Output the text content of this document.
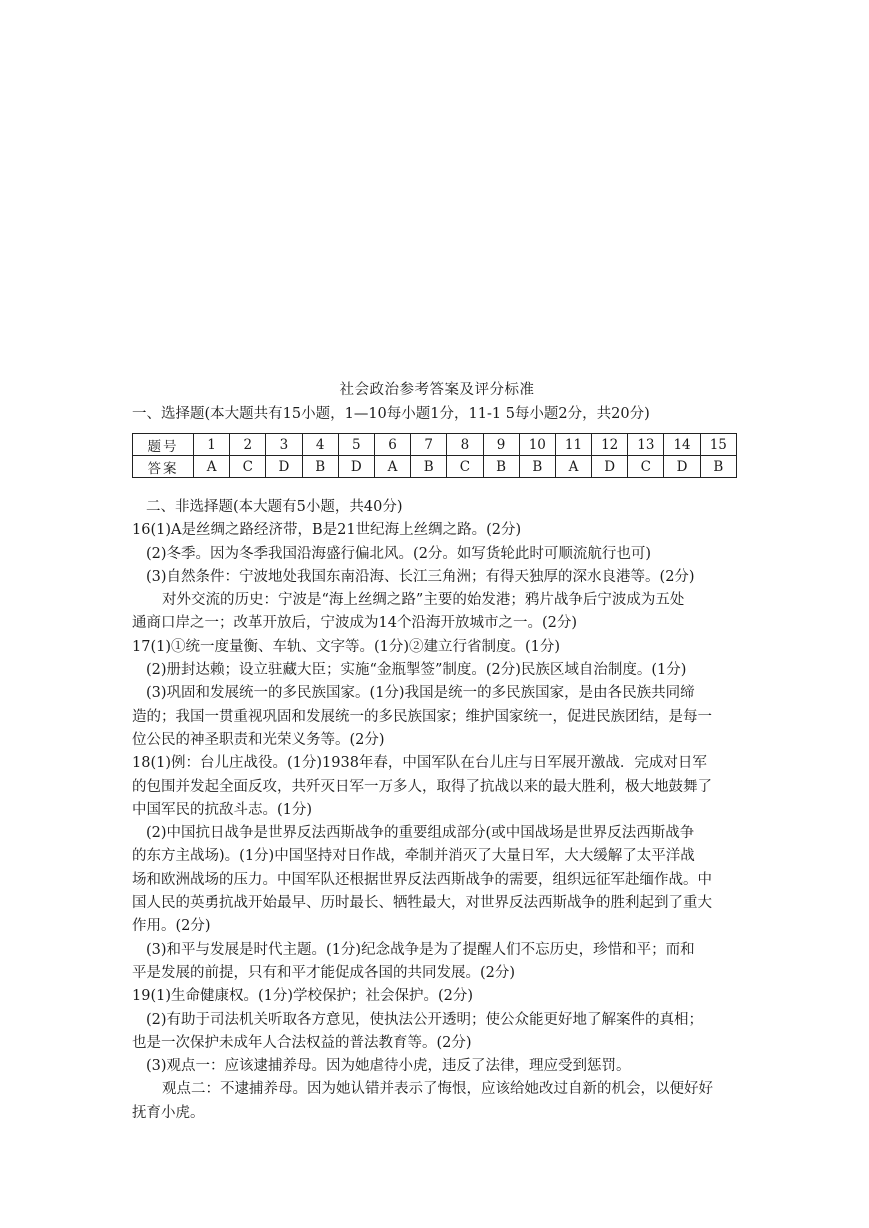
社会政治参考答案及评分标准
一、选择题(本大题共有15小题，1—10每小题1分，11-1 5每小题2分，共20分)
题号	1	2	3	4	5	6	7	8	9	10	11	12	13	14	15
答案	A	C	D	B	D	A	B	C	B	B	A	D	C	D	B
二、非选择题(本大题有5小题，共40分)
16(1)A是丝绸之路经济带，B是21世纪海上丝绸之路。(2分)
(2)冬季。因为冬季我国沿海盛行偏北风。(2分。如写货轮此时可顺流航行也可)
(3)自然条件：宁波地处我国东南沿海、长江三角洲；有得天独厚的深水良港等。(2分)
对外交流的历史：宁波是“海上丝绸之路”主要的始发港；鸦片战争后宁波成为五处
通商口岸之一；改革开放后，宁波成为14个沿海开放城市之一。(2分)
17(1)①统一度量衡、车轨、文字等。(1分)②建立行省制度。(1分)
(2)册封达赖；设立驻藏大臣；实施“金瓶掣签”制度。(2分)民族区域自治制度。(1分)
(3)巩固和发展统一的多民族国家。(1分)我国是统一的多民族国家，是由各民族共同缔
造的；我国一贯重视巩固和发展统一的多民族国家；维护国家统一，促进民族团结，是每一
位公民的神圣职责和光荣义务等。(2分)
18(1)例：台儿庄战役。(1分)1938年春，中国军队在台儿庄与日军展开激战．完成对日军
的包围并发起全面反攻，共歼灭日军一万多人，取得了抗战以来的最大胜利，极大地鼓舞了
中国军民的抗敌斗志。(1分)
(2)中国抗日战争是世界反法西斯战争的重要组成部分(或中国战场是世界反法西斯战争
的东方主战场)。(1分)中国坚持对日作战，牵制并消灭了大量日军，大大缓解了太平洋战
场和欧洲战场的压力。中国军队还根据世界反法西斯战争的需要，组织远征军赴缅作战。中
国人民的英勇抗战开始最早、历时最长、牺牲最大，对世界反法西斯战争的胜利起到了重大
作用。(2分)
(3)和平与发展是时代主题。(1分)纪念战争是为了提醒人们不忘历史，珍惜和平；而和
平是发展的前提，只有和平才能促成各国的共同发展。(2分)
19(1)生命健康权。(1分)学校保护；社会保护。(2分)
(2)有助于司法机关听取各方意见，使执法公开透明；使公众能更好地了解案件的真相；
也是一次保护未成年人合法权益的普法教育等。(2分)
(3)观点一：应该逮捕养母。因为她虐待小虎，违反了法律，理应受到惩罚。
观点二：不逮捕养母。因为她认错并表示了悔恨，应该给她改过自新的机会，以便好好
抚育小虎。
